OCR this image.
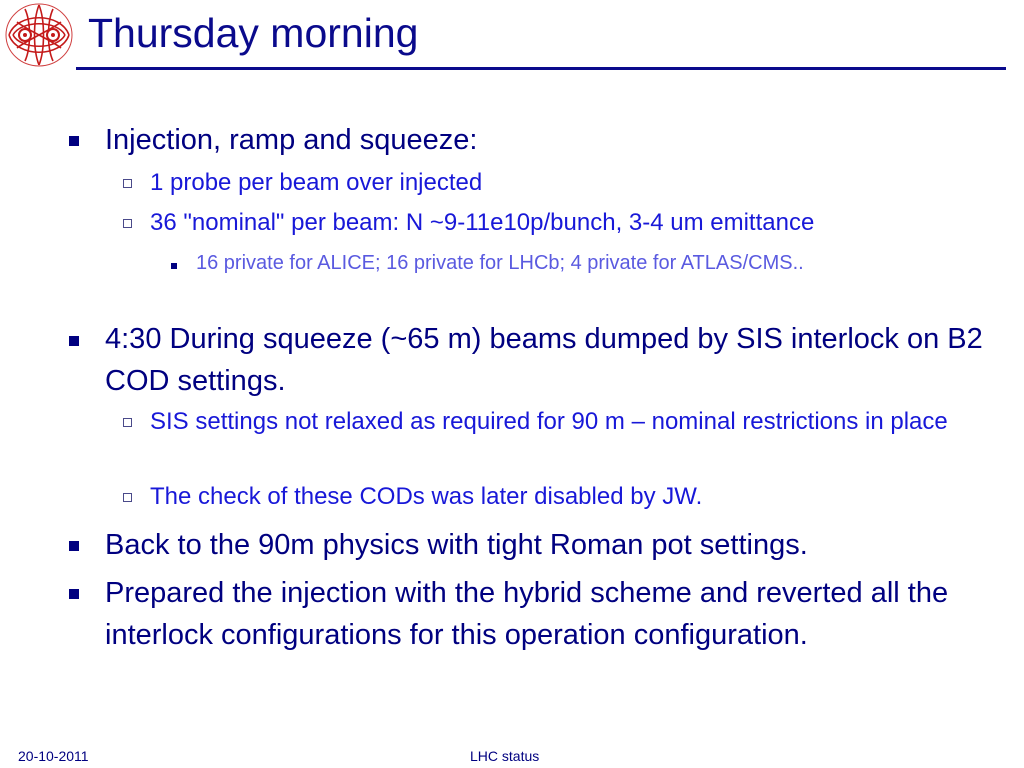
Thursday morning
Injection, ramp and squeeze:
1 probe per beam over injected
36 "nominal" per beam: N ~9-11e10p/bunch, 3-4 um emittance
16 private for ALICE; 16 private for LHCb; 4 private for ATLAS/CMS..
4:30 During squeeze (~65 m) beams dumped by SIS interlock on B2 COD settings.
SIS settings not relaxed as required for 90 m – nominal restrictions in place
The check of these CODs was later disabled by JW.
Back to the 90m physics with tight Roman pot settings.
Prepared the injection with the hybrid scheme and reverted all the interlock configurations for this operation configuration.
20-10-2011	LHC status
